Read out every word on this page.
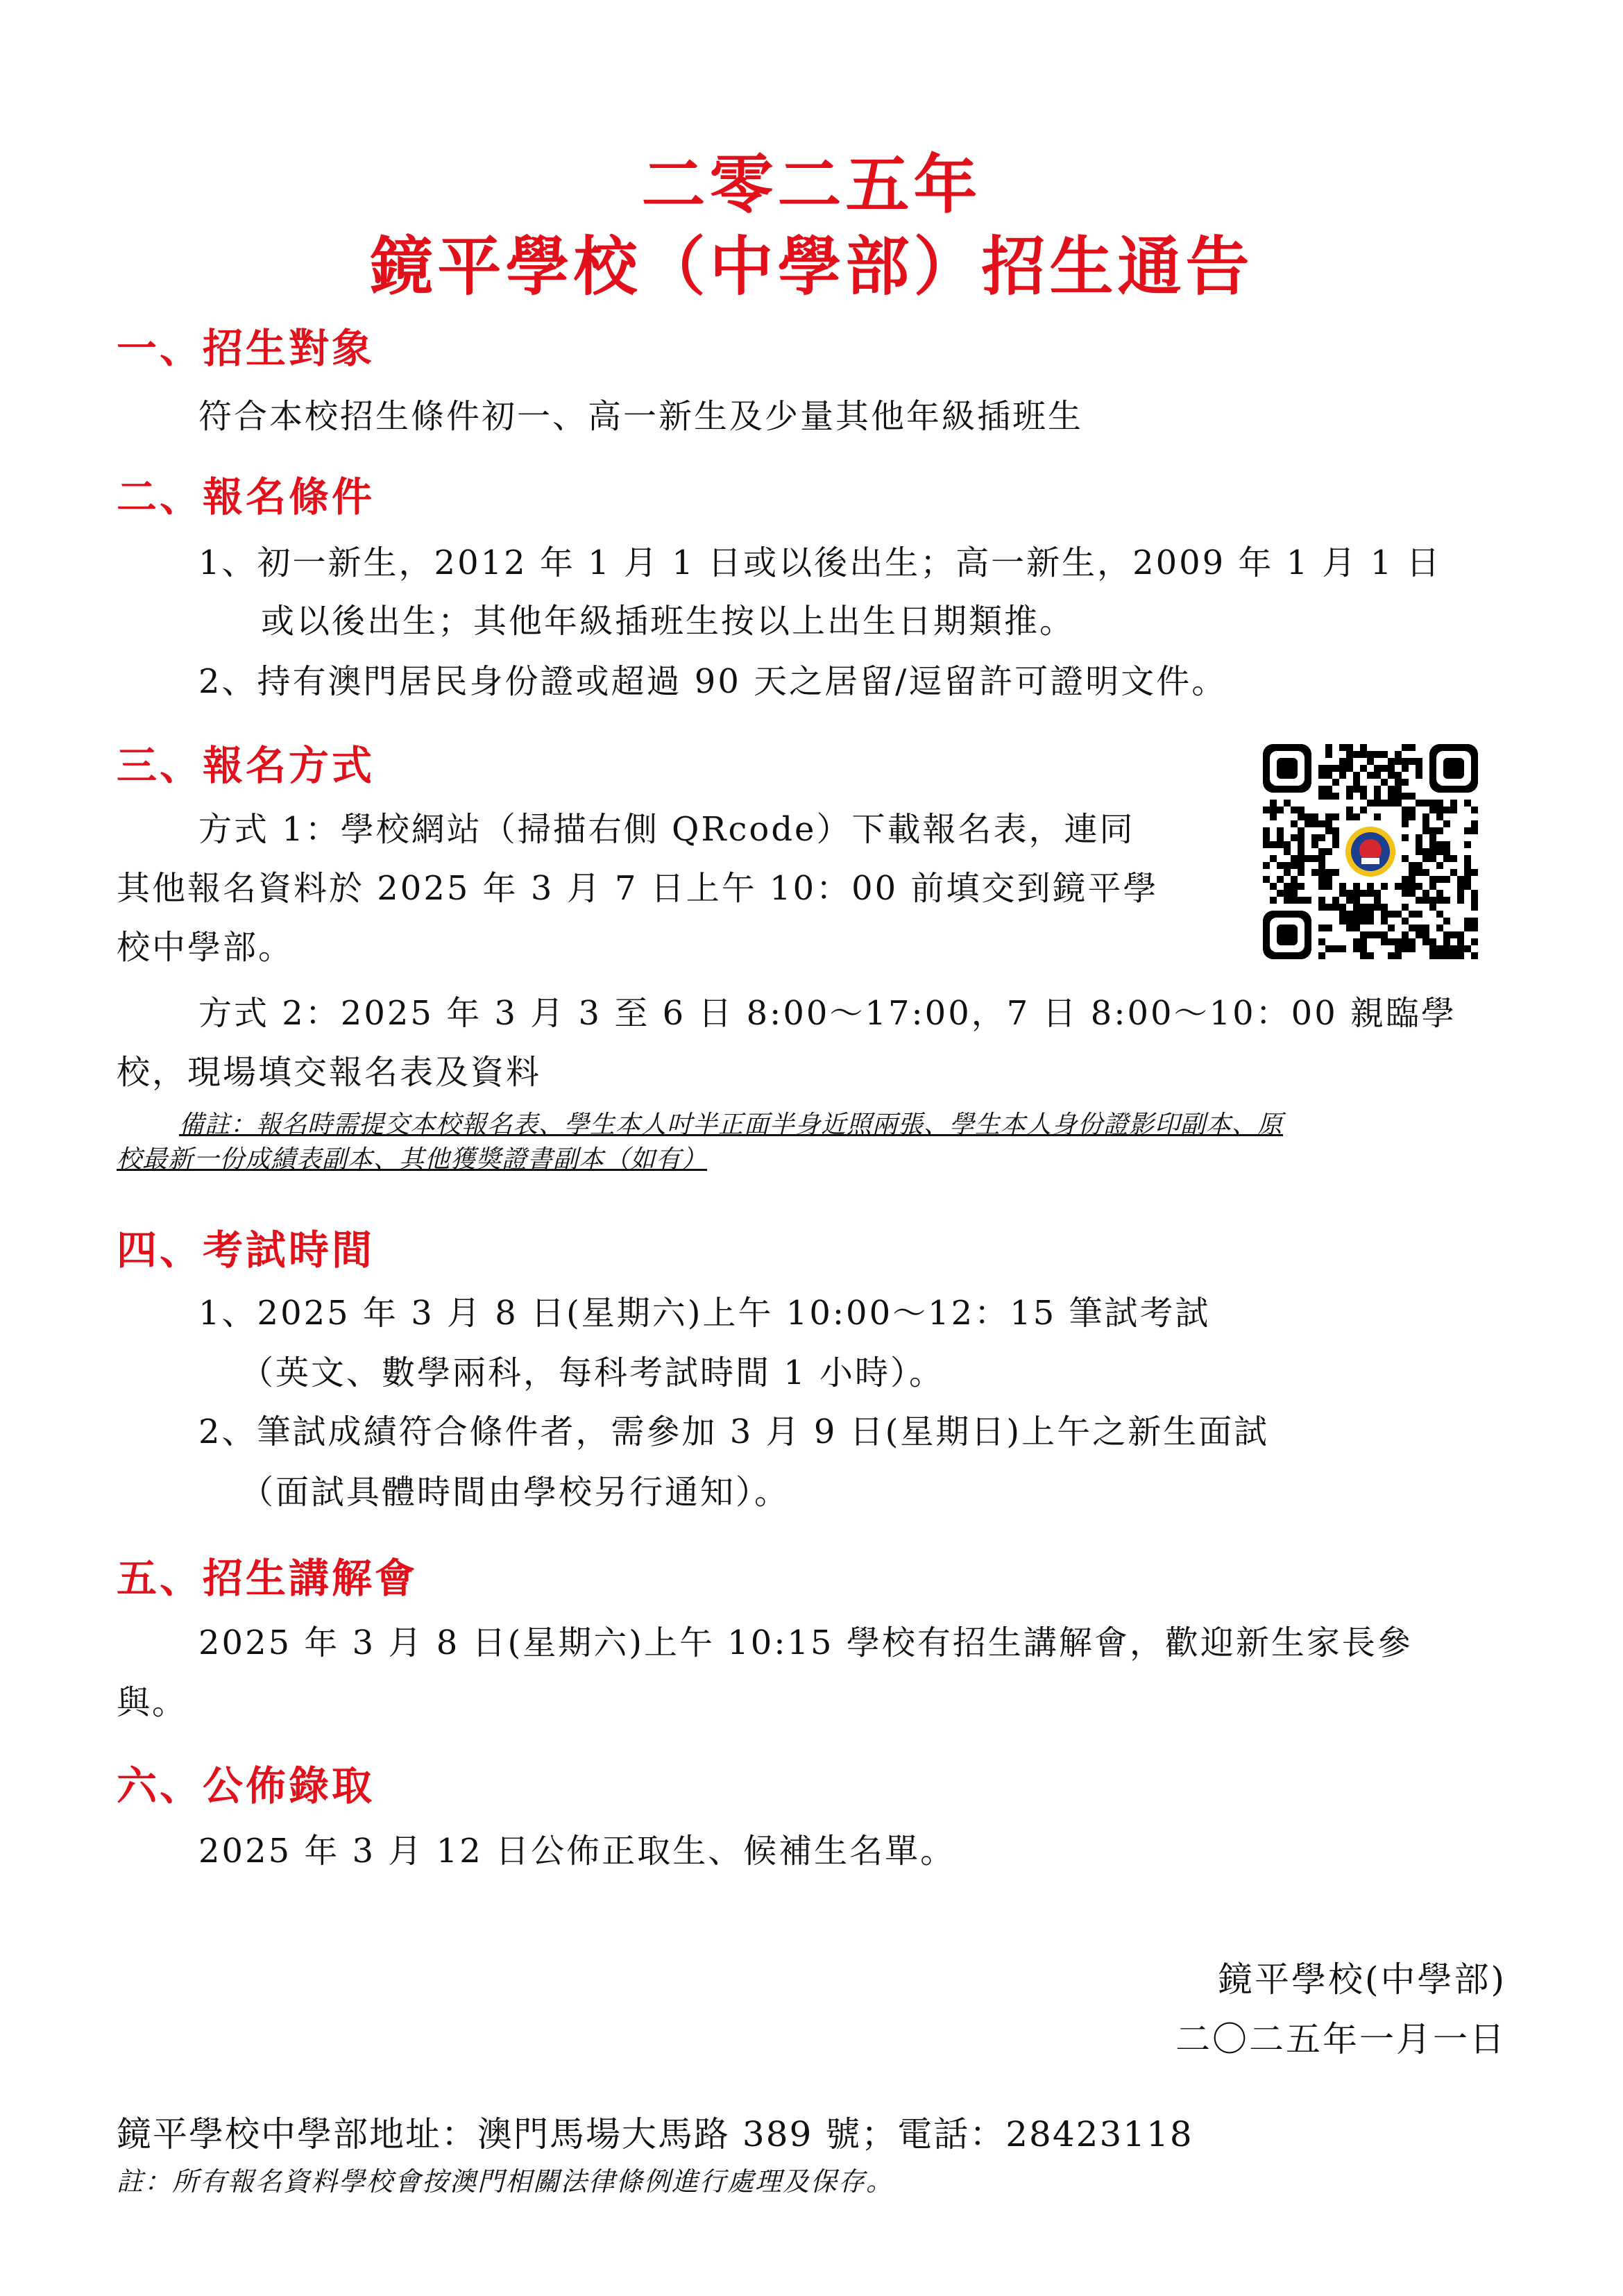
二零二五年
鏡平學校（中學部）招生通告
一、招生對象

符合本校招生條件初一、高一新生及少量其他年級插班生

二、報名條件

1、初一新生，2012 年 1 月 1 日或以後出生；高一新生，2009 年 1 月 1 日

或以後出生；其他年級插班生按以上出生日期類推。

2、持有澳門居民身份證或超過 90 天之居留/逗留許可證明文件。

三、報名方式

方式 1：學校網站（掃描右側 QRcode）下載報名表，連同

其他報名資料於 2025 年 3 月 7 日上午 10：00 前填交到鏡平學

校中學部。

方式 2：2025 年 3 月 3 至 6 日 8:00～17:00，7 日 8:00～10：00 親臨學

校，現場填交報名表及資料

備註：報名時需提交本校報名表、學生本人吋半正面半身近照兩張、學生本人身份證影印副本、原
校最新一份成績表副本、其他獲獎證書副本（如有）
四、考試時間

1、2025 年 3 月 8 日(星期六)上午 10:00～12：15 筆試考試

（英文、數學兩科，每科考試時間 1 小時）。

2、筆試成績符合條件者，需參加 3 月 9 日(星期日)上午之新生面試

（面試具體時間由學校另行通知）。

五、招生講解會

2025 年 3 月 8 日(星期六)上午 10:15 學校有招生講解會，歡迎新生家長參

與。

六、公佈錄取

2025 年 3 月 12 日公佈正取生、候補生名單。

鏡平學校(中學部)
二〇二五年一月一日
鏡平學校中學部地址：澳門馬場大馬路 389 號；電話：28423118
註：所有報名資料學校會按澳門相關法律條例進行處理及保存。
